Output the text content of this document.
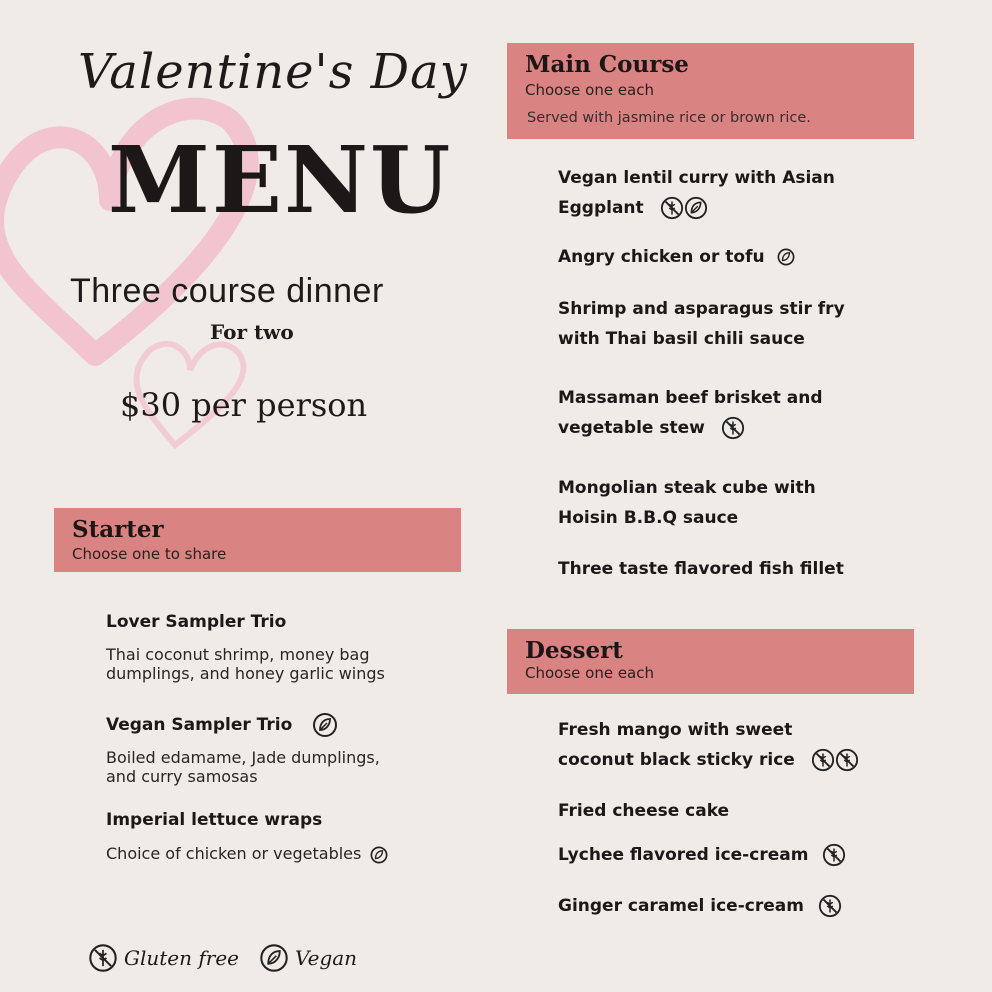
Valentine's Day
MENU
Three course dinner
For two
$30 per person
Starter
Choose one to share
Lover Sampler Trio
Thai coconut shrimp, money bag
dumplings, and honey garlic wings
Vegan Sampler Trio
Boiled edamame, Jade dumplings,
and curry samosas
Imperial lettuce wraps
Choice of chicken or vegetables
Main Course
Choose one each
Served with jasmine rice or brown rice.
Vegan lentil curry with Asian
Eggplant
Angry chicken or tofu
Shrimp and asparagus stir fry
with Thai basil chili sauce
Massaman beef brisket and
vegetable stew
Mongolian steak cube with
Hoisin B.B.Q sauce
Three taste flavored fish fillet
Dessert
Choose one each
Fresh mango with sweet
coconut black sticky rice
Fried cheese cake
Lychee flavored ice-cream
Ginger caramel ice-cream
Gluten free	Vegan
